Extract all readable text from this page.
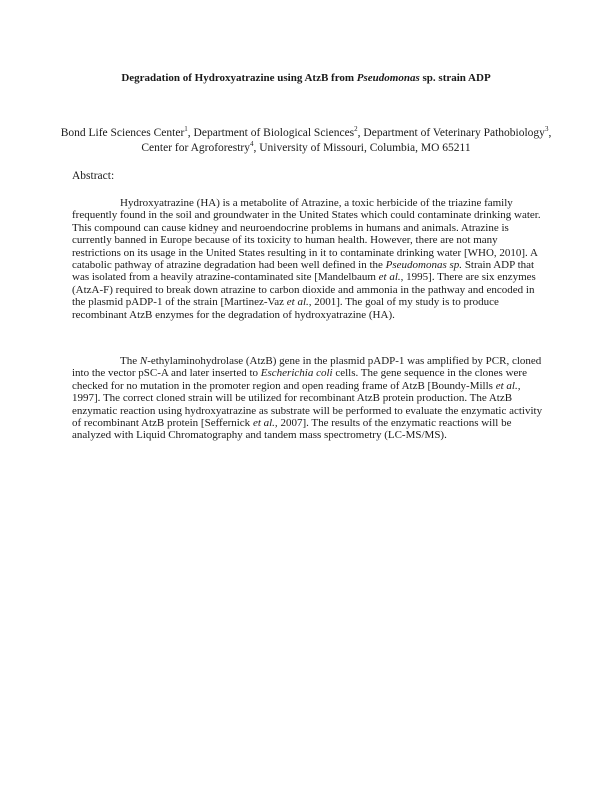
Degradation of Hydroxyatrazine using AtzB from Pseudomonas sp. strain ADP
Bond Life Sciences Center$^1$, Department of Biological Sciences$^2$, Department of Veterinary Pathobiology$^3$, Center for Agroforestry$^4$, University of Missouri, Columbia, MO 65211
Abstract:

Hydroxyatrazine (HA) is a metabolite of Atrazine, a toxic herbicide of the triazine family frequently found in the soil and groundwater in the United States which could contaminate drinking water. This compound can cause kidney and neuroendocrine problems in humans and animals. Atrazine is currently banned in Europe because of its toxicity to human health. However, there are not many restrictions on its usage in the United States resulting in it to contaminate drinking water [WHO, 2010]. A catabolic pathway of atrazine degradation had been well defined in the Pseudomonas sp. Strain ADP that was isolated from a heavily atrazine-contaminated site [Mandelbaum et al., 1995]. There are six enzymes (AtzA-F) required to break down atrazine to carbon dioxide and ammonia in the pathway and encoded in the plasmid pADP-1 of the strain [Martinez-Vaz et al., 2001]. The goal of my study is to produce recombinant AtzB enzymes for the degradation of hydroxyatrazine (HA).

The N-ethylaminohydrolase (AtzB) gene in the plasmid pADP-1 was amplified by PCR, cloned into the vector pSC-A and later inserted to Escherichia coli cells. The gene sequence in the clones were checked for no mutation in the promoter region and open reading frame of AtzB [Boundy-Mills et al., 1997]. The correct cloned strain will be utilized for recombinant AtzB protein production. The AtzB enzymatic reaction using hydroxyatrazine as substrate will be performed to evaluate the enzymatic activity of recombinant AtzB protein [Seffernick et al., 2007]. The results of the enzymatic reactions will be analyzed with Liquid Chromatography and tandem mass spectrometry (LC-MS/MS).
